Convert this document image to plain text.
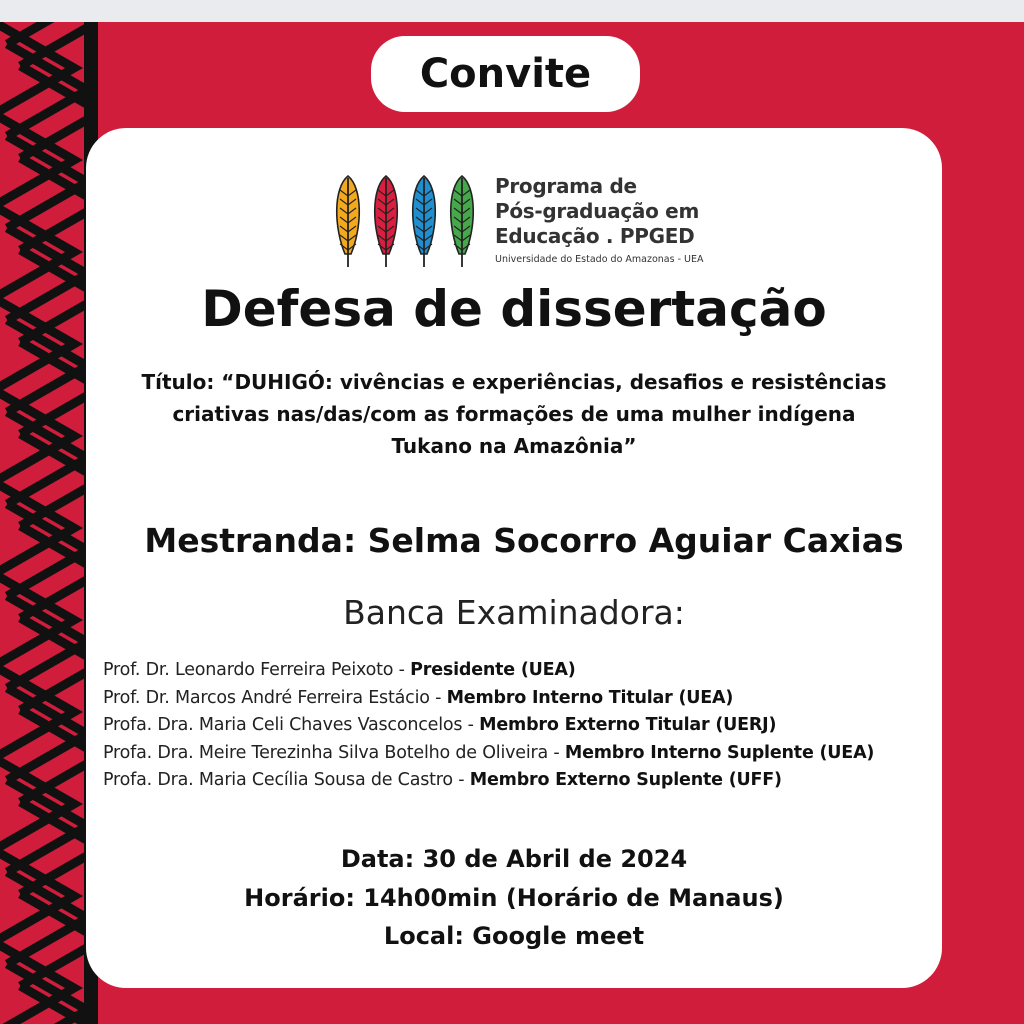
Convite
Programa de
Pós-graduação em
Educação . PPGED
Universidade do Estado do Amazonas - UEA
Defesa de dissertação
Título: “DUHIGÓ: vivências e experiências, desafios e resistências
criativas nas/das/com as formações de uma mulher indígena
Tukano na Amazônia”
Mestranda: Selma Socorro Aguiar Caxias
Banca Examinadora:
Prof. Dr. Leonardo Ferreira Peixoto - Presidente (UEA)
Prof. Dr. Marcos André Ferreira Estácio - Membro Interno Titular (UEA)
Profa. Dra. Maria Celi Chaves Vasconcelos - Membro Externo Titular (UERJ)
Profa. Dra. Meire Terezinha Silva Botelho de Oliveira - Membro Interno Suplente (UEA)
Profa. Dra. Maria Cecília Sousa de Castro - Membro Externo Suplente (UFF)
Data: 30 de Abril de 2024
Horário: 14h00min (Horário de Manaus)
Local: Google meet
